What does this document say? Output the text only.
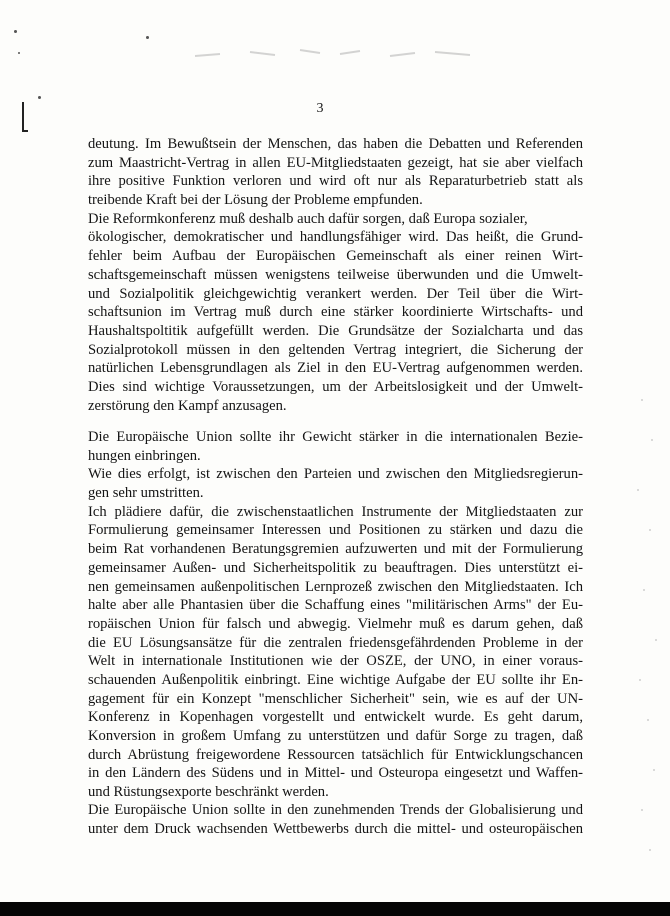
3
deutung. Im Bewußtsein der Menschen, das haben die Debatten und Referenden
zum Maastricht-Vertrag in allen EU-Mitgliedstaaten gezeigt, hat sie aber vielfach
ihre positive Funktion verloren und wird oft nur als Reparaturbetrieb statt als
treibende Kraft bei der Lösung der Probleme empfunden.
Die Reformkonferenz muß deshalb auch dafür sorgen, daß Europa sozialer,
ökologischer, demokratischer und handlungsfähiger wird. Das heißt, die Grund-
fehler beim Aufbau der Europäischen Gemeinschaft als einer reinen Wirt-
schaftsgemeinschaft müssen wenigstens teilweise überwunden und die Umwelt-
und Sozialpolitik gleichgewichtig verankert werden. Der Teil über die Wirt-
schaftsunion im Vertrag muß durch eine stärker koordinierte Wirtschafts- und
Haushaltspoltitik aufgefüllt werden. Die Grundsätze der Sozialcharta und das
Sozialprotokoll müssen in den geltenden Vertrag integriert, die Sicherung der
natürlichen Lebensgrundlagen als Ziel in den EU-Vertrag aufgenommen werden.
Dies sind wichtige Voraussetzungen, um der Arbeitslosigkeit und der Umwelt-
zerstörung den Kampf anzusagen.
Die Europäische Union sollte ihr Gewicht stärker in die internationalen Bezie-
hungen einbringen.
Wie dies erfolgt, ist zwischen den Parteien und zwischen den Mitgliedsregierun-
gen sehr umstritten.
Ich plädiere dafür, die zwischenstaatlichen Instrumente der Mitgliedstaaten zur
Formulierung gemeinsamer Interessen und Positionen zu stärken und dazu die
beim Rat vorhandenen Beratungsgremien aufzuwerten und mit der Formulierung
gemeinsamer Außen- und Sicherheitspolitik zu beauftragen. Dies unterstützt ei-
nen gemeinsamen außenpolitischen Lernprozeß zwischen den Mitgliedstaaten. Ich
halte aber alle Phantasien über die Schaffung eines "militärischen Arms" der Eu-
ropäischen Union für falsch und abwegig. Vielmehr muß es darum gehen, daß
die EU Lösungsansätze für die zentralen friedensgefährdenden Probleme in der
Welt in internationale Institutionen wie der OSZE, der UNO, in einer voraus-
schauenden Außenpolitik einbringt. Eine wichtige Aufgabe der EU sollte ihr En-
gagement für ein Konzept "menschlicher Sicherheit" sein, wie es auf der UN-
Konferenz in Kopenhagen vorgestellt und entwickelt wurde. Es geht darum,
Konversion in großem Umfang zu unterstützen und dafür Sorge zu tragen, daß
durch Abrüstung freigewordene Ressourcen tatsächlich für Entwicklungschancen
in den Ländern des Südens und in Mittel- und Osteuropa eingesetzt und Waffen-
und Rüstungsexporte beschränkt werden.
Die Europäische Union sollte in den zunehmenden Trends der Globalisierung und
unter dem Druck wachsenden Wettbewerbs durch die mittel- und osteuropäischen
